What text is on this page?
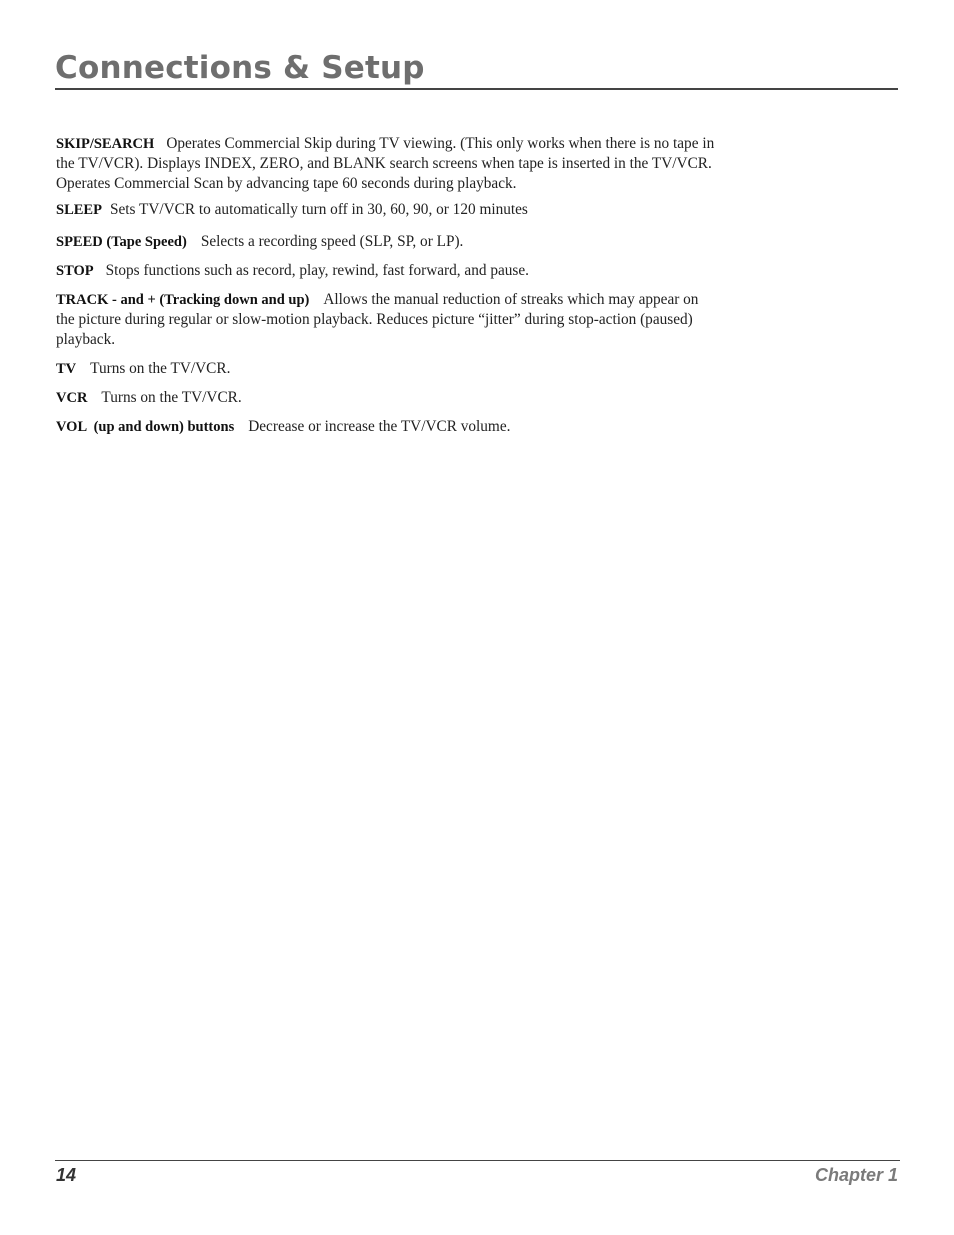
Connections & Setup

SKIP/SEARCH Operates Commercial Skip during TV viewing. (This only works when there is no tape in the TV/VCR). Displays INDEX, ZERO, and BLANK search screens when tape is inserted in the TV/VCR. Operates Commercial Scan by advancing tape 60 seconds during playback.

SLEEP Sets TV/VCR to automatically turn off in 30, 60, 90, or 120 minutes

SPEED (Tape Speed) Selects a recording speed (SLP, SP, or LP).

STOP Stops functions such as record, play, rewind, fast forward, and pause.

TRACK - and + (Tracking down and up) Allows the manual reduction of streaks which may appear on the picture during regular or slow-motion playback. Reduces picture “jitter” during stop-action (paused) playback.

TV Turns on the TV/VCR.

VCR Turns on the TV/VCR.

VOL  (up and down) buttons Decrease or increase the TV/VCR volume.

14	Chapter 1
